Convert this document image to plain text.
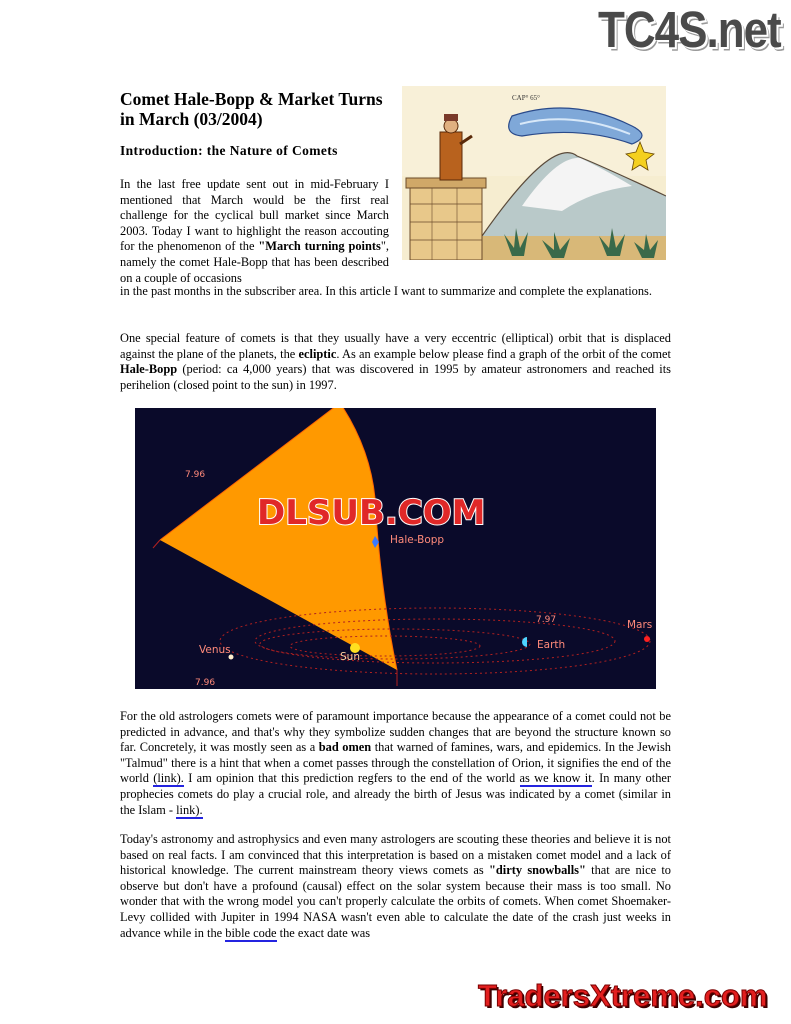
TC4S.net
TradersXtreme.com
Comet Hale-Bopp & Market Turns in March (03/2004)
Introduction: the Nature of Comets
CAP° 65°
In the last free update sent out in mid-February I mentioned that March would be the first real challenge for the cyclical bull market since March 2003. Today I want to highlight the reason accouting for the phenomenon of the "March turning points", namely the comet Hale-Bopp that has been described on a couple of occasions
in the past months in the subscriber area. In this article I want to summarize and complete the explanations.
One special feature of comets is that they usually have a very eccentric (elliptical) orbit that is displaced against the plane of the planets, the ecliptic. As an example below please find a graph of the orbit of the comet Hale-Bopp (period: ca 4,000 years) that was discovered in 1995 by amateur astronomers and reached its perihelion (closed point to the sun) in 1997.
Hale-Bopp
Mars
Earth
Venus
Sun
7.96
7.97
7.96
DLSUB.COM
For the old astrologers comets were of paramount importance because the appearance of a comet could not be predicted in advance, and that's why they symbolize sudden changes that are beyond the structure known so far. Concretely, it was mostly seen as a bad omen that warned of famines, wars, and epidemics. In the Jewish "Talmud" there is a hint that when a comet passes through the constellation of Orion, it signifies the end of the world (link). I am opinion that this prediction regfers to the end of the world as we know it. In many other prophecies comets do play a crucial role, and already the birth of Jesus was indicated by a comet (similar in the Islam - link).
Today's astronomy and astrophysics and even many astrologers are scouting these theories and believe it is not based on real facts. I am convinced that this interpretation is based on a mistaken comet model and a lack of historical knowledge. The current mainstream theory views comets as "dirty snowballs" that are nice to observe but don't have a profound (causal) effect on the solar system because their mass is too small. No wonder that with the wrong model you can't properly calculate the orbits of comets. When comet Shoemaker-Levy collided with Jupiter in 1994 NASA wasn't even able to calculate the date of the crash just weeks in advance while in the bible code the exact date was
